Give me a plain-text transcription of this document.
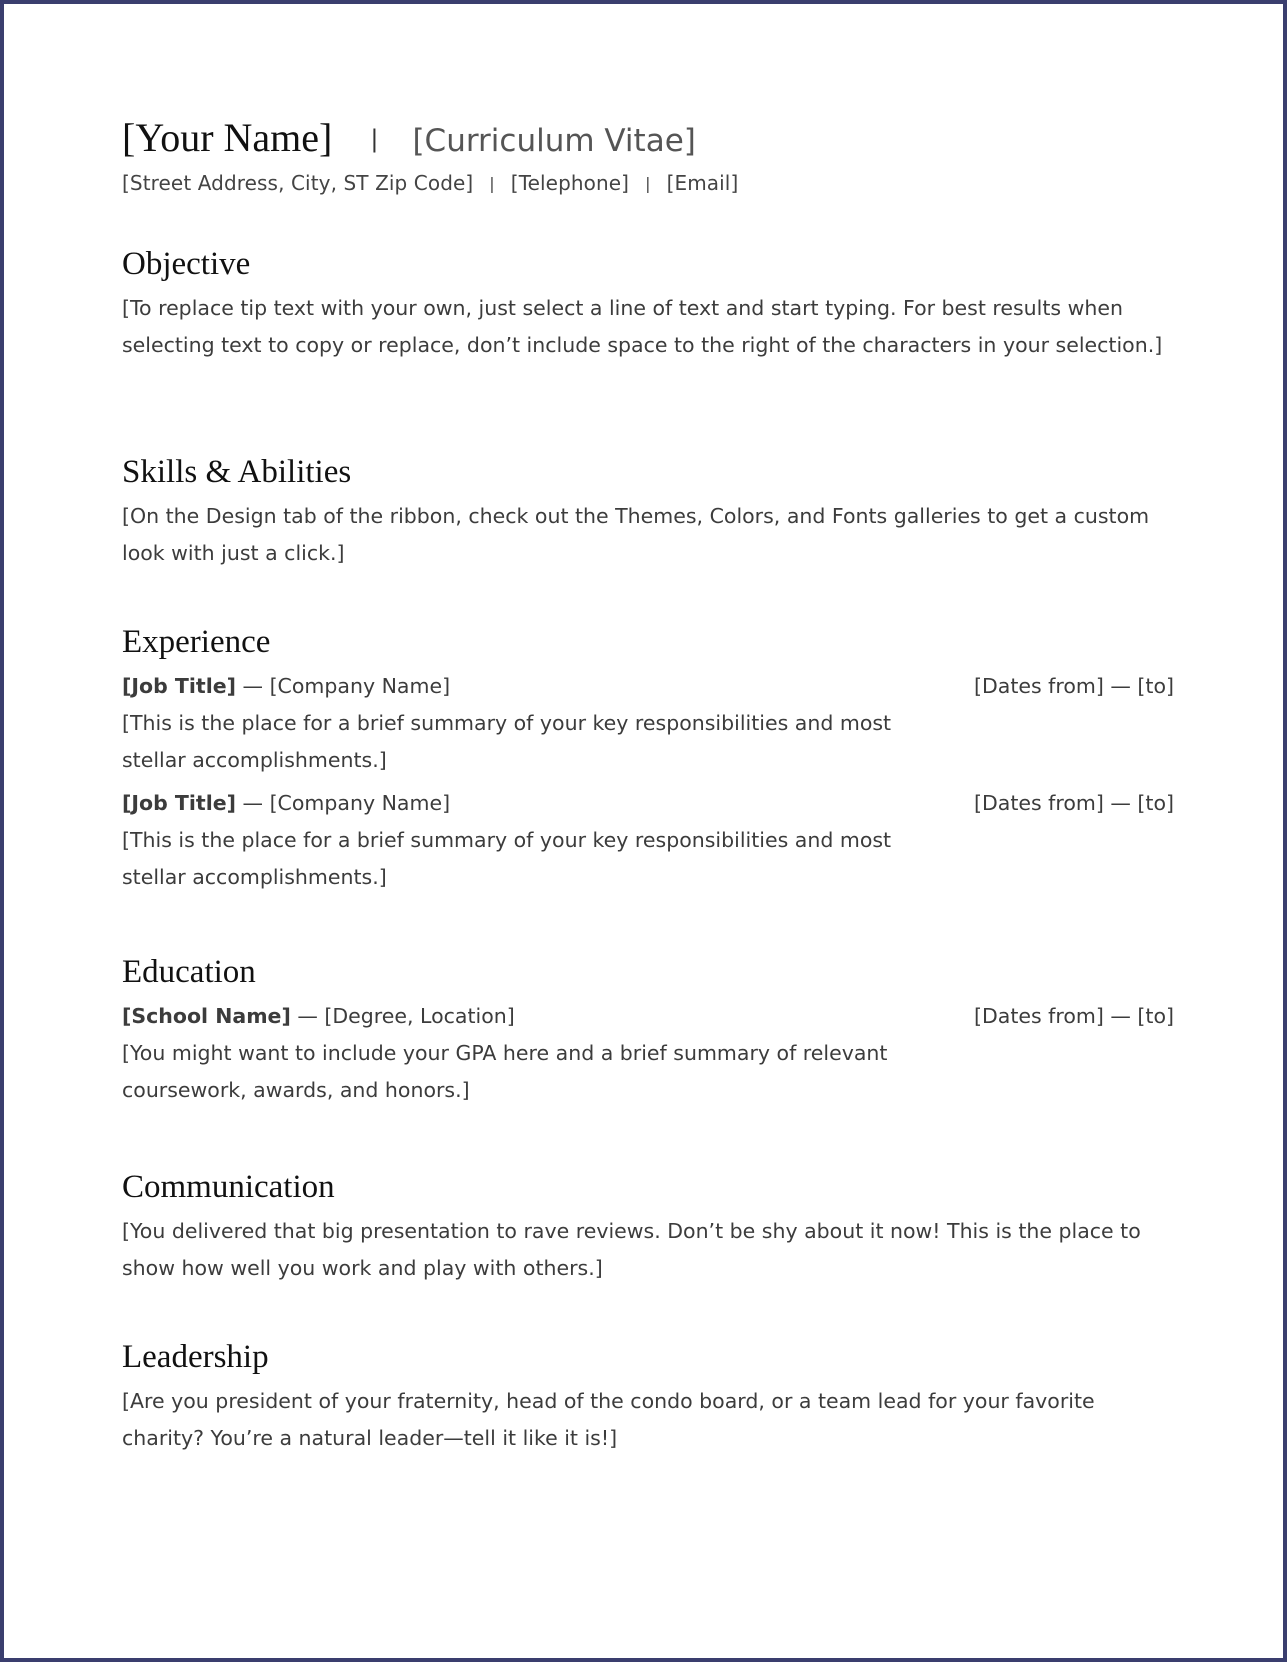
[Your Name] | [Curriculum Vitae]
[Street Address, City, ST Zip Code] | [Telephone] | [Email]
Objective
[To replace tip text with your own, just select a line of text and start typing. For best results when selecting text to copy or replace, don’t include space to the right of the characters in your selection.]
Skills & Abilities
[On the Design tab of the ribbon, check out the Themes, Colors, and Fonts galleries to get a custom look with just a click.]
Experience
[Job Title] — [Company Name]	[Dates from] — [to]
[This is the place for a brief summary of your key responsibilities and most stellar accomplishments.]
[Job Title] — [Company Name]	[Dates from] — [to]
[This is the place for a brief summary of your key responsibilities and most stellar accomplishments.]
Education
[School Name] — [Degree, Location]	[Dates from] — [to]
[You might want to include your GPA here and a brief summary of relevant coursework, awards, and honors.]
Communication
[You delivered that big presentation to rave reviews. Don’t be shy about it now! This is the place to show how well you work and play with others.]
Leadership
[Are you president of your fraternity, head of the condo board, or a team lead for your favorite charity? You’re a natural leader—tell it like it is!]
